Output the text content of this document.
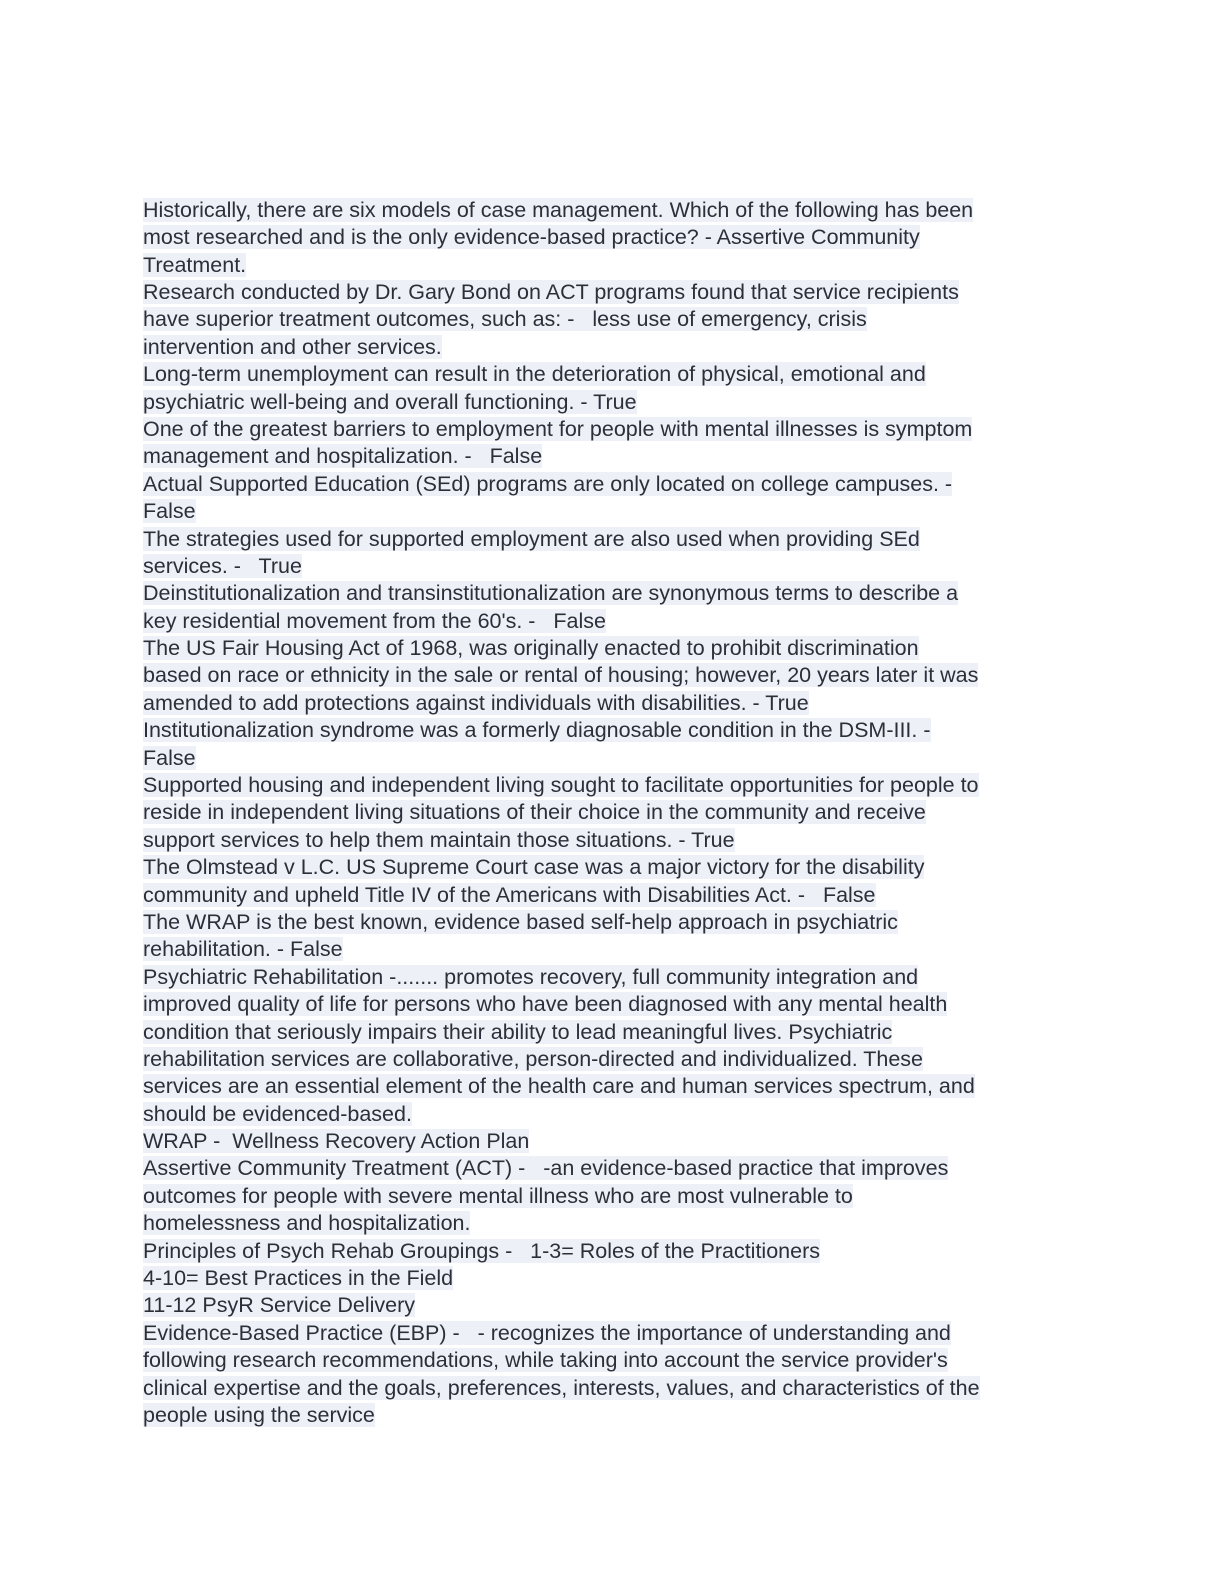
Historically, there are six models of case management. Which of the following has been
most researched and is the only evidence-based practice? - Assertive Community
Treatment.
Research conducted by Dr. Gary Bond on ACT programs found that service recipients
have superior treatment outcomes, such as: -   less use of emergency, crisis
intervention and other services.
Long-term unemployment can result in the deterioration of physical, emotional and
psychiatric well-being and overall functioning. - True
One of the greatest barriers to employment for people with mental illnesses is symptom
management and hospitalization. -   False
Actual Supported Education (SEd) programs are only located on college campuses. -
False
The strategies used for supported employment are also used when providing SEd
services. -   True
Deinstitutionalization and transinstitutionalization are synonymous terms to describe a
key residential movement from the 60's. -   False
The US Fair Housing Act of 1968, was originally enacted to prohibit discrimination
based on race or ethnicity in the sale or rental of housing; however, 20 years later it was
amended to add protections against individuals with disabilities. - True
Institutionalization syndrome was a formerly diagnosable condition in the DSM-III. -
False
Supported housing and independent living sought to facilitate opportunities for people to
reside in independent living situations of their choice in the community and receive
support services to help them maintain those situations. - True
The Olmstead v L.C. US Supreme Court case was a major victory for the disability
community and upheld Title IV of the Americans with Disabilities Act. -   False
The WRAP is the best known, evidence based self-help approach in psychiatric
rehabilitation. - False
Psychiatric Rehabilitation -....... promotes recovery, full community integration and
improved quality of life for persons who have been diagnosed with any mental health
condition that seriously impairs their ability to lead meaningful lives. Psychiatric
rehabilitation services are collaborative, person-directed and individualized. These
services are an essential element of the health care and human services spectrum, and
should be evidenced-based.
WRAP -  Wellness Recovery Action Plan
Assertive Community Treatment (ACT) -   -an evidence-based practice that improves
outcomes for people with severe mental illness who are most vulnerable to
homelessness and hospitalization.
Principles of Psych Rehab Groupings -   1-3= Roles of the Practitioners
4-10= Best Practices in the Field
11-12 PsyR Service Delivery
Evidence-Based Practice (EBP) -   - recognizes the importance of understanding and
following research recommendations, while taking into account the service provider's
clinical expertise and the goals, preferences, interests, values, and characteristics of the
people using the service
